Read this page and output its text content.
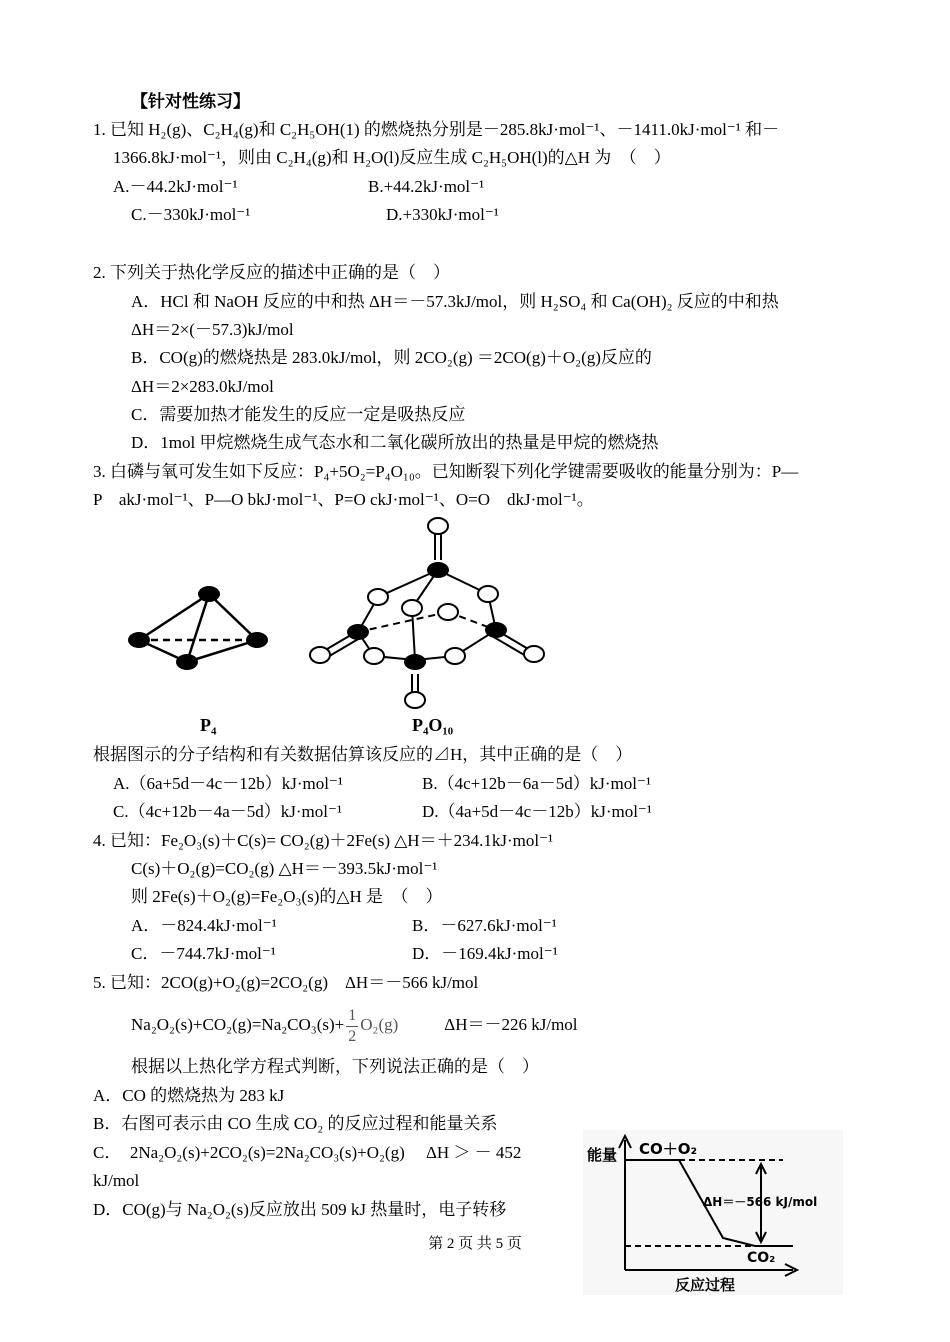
【针对性练习】
1. 已知 H₂(g)、C₂H₄(g)和 C₂H₅OH(1) 的燃烧热分别是－285.8kJ·mol⁻¹、－1411.0kJ·mol⁻¹ 和－
1366.8kJ·mol⁻¹，则由 C₂H₄(g)和 H₂O(l)反应生成 C₂H₅OH(l)的△H 为　（　）
A.－44.2kJ·mol⁻¹	B.+44.2kJ·mol⁻¹
C.－330kJ·mol⁻¹	D.+330kJ·mol⁻¹
2. 下列关于热化学反应的描述中正确的是（　）
A．HCl 和 NaOH 反应的中和热 ΔH＝－57.3kJ/mol，则 H₂SO₄ 和 Ca(OH)₂ 反应的中和热
ΔH＝2×(－57.3)kJ/mol
B．CO(g)的燃烧热是 283.0kJ/mol，则 2CO₂(g) ＝2CO(g)＋O₂(g)反应的
ΔH＝2×283.0kJ/mol
C．需要加热才能发生的反应一定是吸热反应
D．1mol 甲烷燃烧生成气态水和二氧化碳所放出的热量是甲烷的燃烧热
3. 白磷与氧可发生如下反应：P₄+5O₂=P₄O₁₀。已知断裂下列化学键需要吸收的能量分别为：P—
P　akJ·mol⁻¹、P—O bkJ·mol⁻¹、P=O ckJ·mol⁻¹、O=O　dkJ·mol⁻¹。
P₄	P₄O₁₀
根据图示的分子结构和有关数据估算该反应的⊿H，其中正确的是（　）
A.（6a+5d－4c－12b）kJ·mol⁻¹	B.（4c+12b－6a－5d）kJ·mol⁻¹
C.（4c+12b－4a－5d）kJ·mol⁻¹	D.（4a+5d－4c－12b）kJ·mol⁻¹
4. 已知：Fe₂O₃(s)＋C(s)= CO₂(g)＋2Fe(s) △H＝＋234.1kJ·mol⁻¹
C(s)＋O₂(g)=CO₂(g) △H＝－393.5kJ·mol⁻¹
则 2Fe(s)＋O₂(g)=Fe₂O₃(s)的△H 是　（　）
A．－824.4kJ·mol⁻¹	B．－627.6kJ·mol⁻¹
C．－744.7kJ·mol⁻¹	D．－169.4kJ·mol⁻¹
5. 已知：2CO(g)+O₂(g)=2CO₂(g)　ΔH＝－566 kJ/mol
$Na_2O_2(s)+CO_2(g)=Na_2CO_3(s)+ \frac{1}{2} O_2(g)$	ΔH＝－226 kJ/mol
根据以上热化学方程式判断，下列说法正确的是（　）
A．CO 的燃烧热为 283 kJ
B．右图可表示由 CO 生成 CO₂ 的反应过程和能量关系
C．　2Na₂O₂(s)+2CO₂(s)=2Na₂CO₃(s)+O₂(g)　 ΔH ＞ － 452
kJ/mol
D．CO(g)与 Na₂O₂(s)反应放出 509 kJ 热量时，电子转移
能量 CO＋O₂
ΔH＝－566 kJ/mol
CO₂
反应过程
第 2 页 共 5 页
